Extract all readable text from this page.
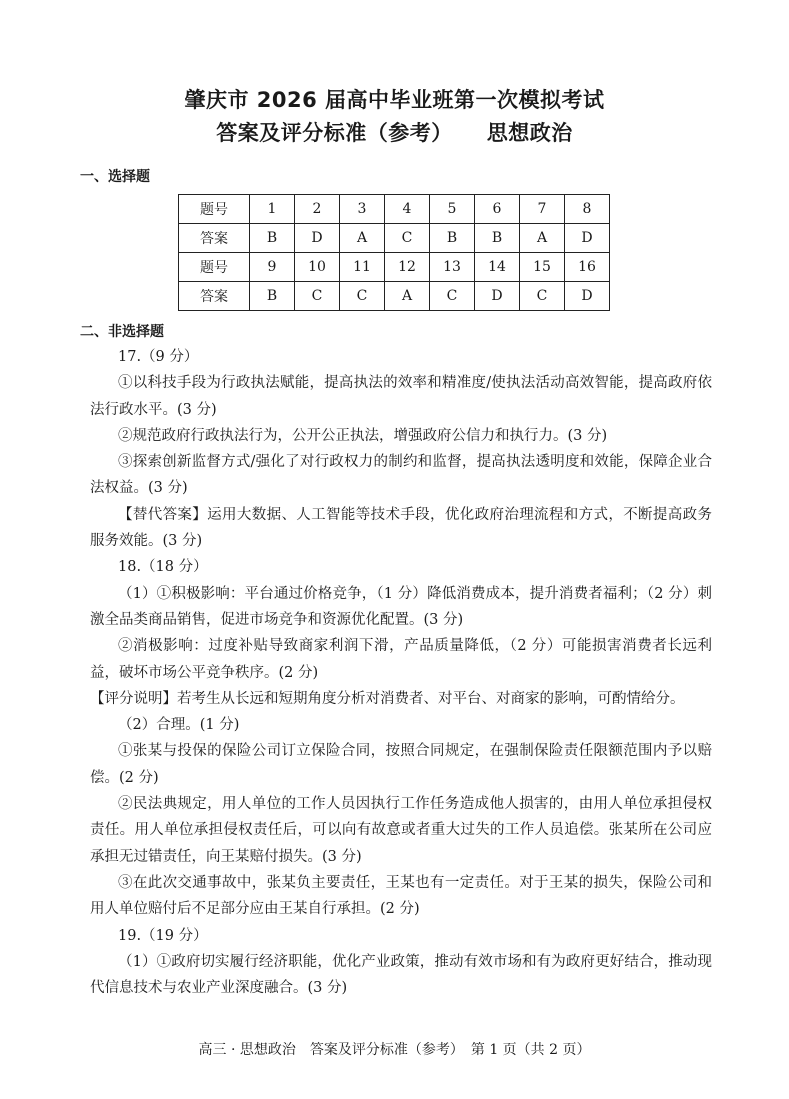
肇庆市 2026 届高中毕业班第一次模拟考试
答案及评分标准（参考） 思想政治
一、选择题
题号	1	2	3	4	5	6	7	8
答案	B	D	A	C	B	B	A	D
题号	9	10	11	12	13	14	15	16
答案	B	C	C	A	C	D	C	D
二、非选择题

17.（9 分）

①以科技手段为行政执法赋能，提高执法的效率和精准度/使执法活动高效智能，提高政府依法行政水平。(3 分)

②规范政府行政执法行为，公开公正执法，增强政府公信力和执行力。(3 分)

③探索创新监督方式/强化了对行政权力的制约和监督，提高执法透明度和效能，保障企业合法权益。(3 分)

【替代答案】运用大数据、人工智能等技术手段，优化政府治理流程和方式，不断提高政务服务效能。(3 分)

18.（18 分）

（1）①积极影响：平台通过价格竞争，（1 分）降低消费成本，提升消费者福利；（2 分）刺激全品类商品销售，促进市场竞争和资源优化配置。(3 分)

②消极影响：过度补贴导致商家利润下滑，产品质量降低，（2 分）可能损害消费者长远利益，破坏市场公平竞争秩序。(2 分)

【评分说明】若考生从长远和短期角度分析对消费者、对平台、对商家的影响，可酌情给分。

（2）合理。(1 分)

①张某与投保的保险公司订立保险合同，按照合同规定，在强制保险责任限额范围内予以赔偿。(2 分)

②民法典规定，用人单位的工作人员因执行工作任务造成他人损害的，由用人单位承担侵权责任。用人单位承担侵权责任后，可以向有故意或者重大过失的工作人员追偿。张某所在公司应承担无过错责任，向王某赔付损失。(3 分)

③在此次交通事故中，张某负主要责任，王某也有一定责任。对于王某的损失，保险公司和用人单位赔付后不足部分应由王某自行承担。(2 分)

19.（19 分）

（1）①政府切实履行经济职能，优化产业政策，推动有效市场和有为政府更好结合，推动现代信息技术与农业产业深度融合。(3 分)

高三 · 思想政治　答案及评分标准（参考）　第 1 页（共 2 页）
